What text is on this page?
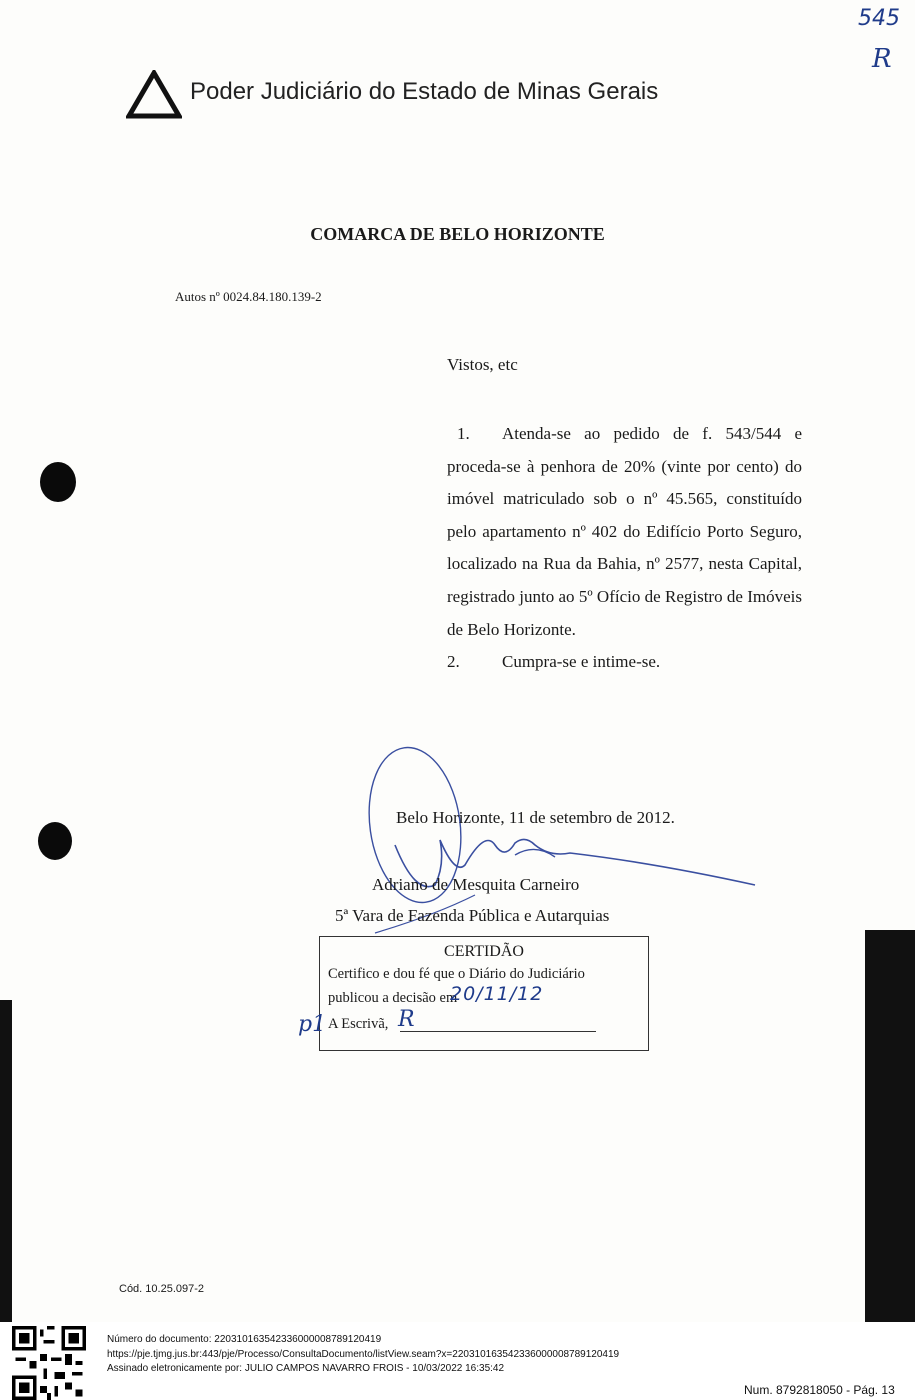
545
R
Poder Judiciário do Estado de Minas Gerais
COMARCA DE BELO HORIZONTE
Autos nº 0024.84.180.139-2
Vistos, etc

1. Atenda-se ao pedido de f. 543/544 e proceda-se à penhora de 20% (vinte por cento) do imóvel matriculado sob o nº 45.565, constituído pelo apartamento nº 402 do Edifício Porto Seguro, localizado na Rua da Bahia, nº 2577, nesta Capital, registrado junto ao 5º Ofício de Registro de Imóveis de Belo Horizonte.

2. Cumpra-se e intime-se.

Belo Horizonte, 11 de setembro de 2012.
Adriano de Mesquita Carneiro
5ª Vara de Fazenda Pública e Autarquias
CERTIDÃO
Certifico e dou fé que o Diário do Judiciário
publicou a decisão em
20/11/12
A Escrivã, R
p1
Cód. 10.25.097-2
Número do documento: 22031016354233600000878912041​9
https://pje.tjmg.jus.br:443/pje/Processo/ConsultaDocumento/listView.seam?x=22031016354233600000878912041​9
Assinado eletronicamente por: JULIO CAMPOS NAVARRO FROIS - 10/03/2022 16:35:42
Num. 8792818050 - Pág. 13
